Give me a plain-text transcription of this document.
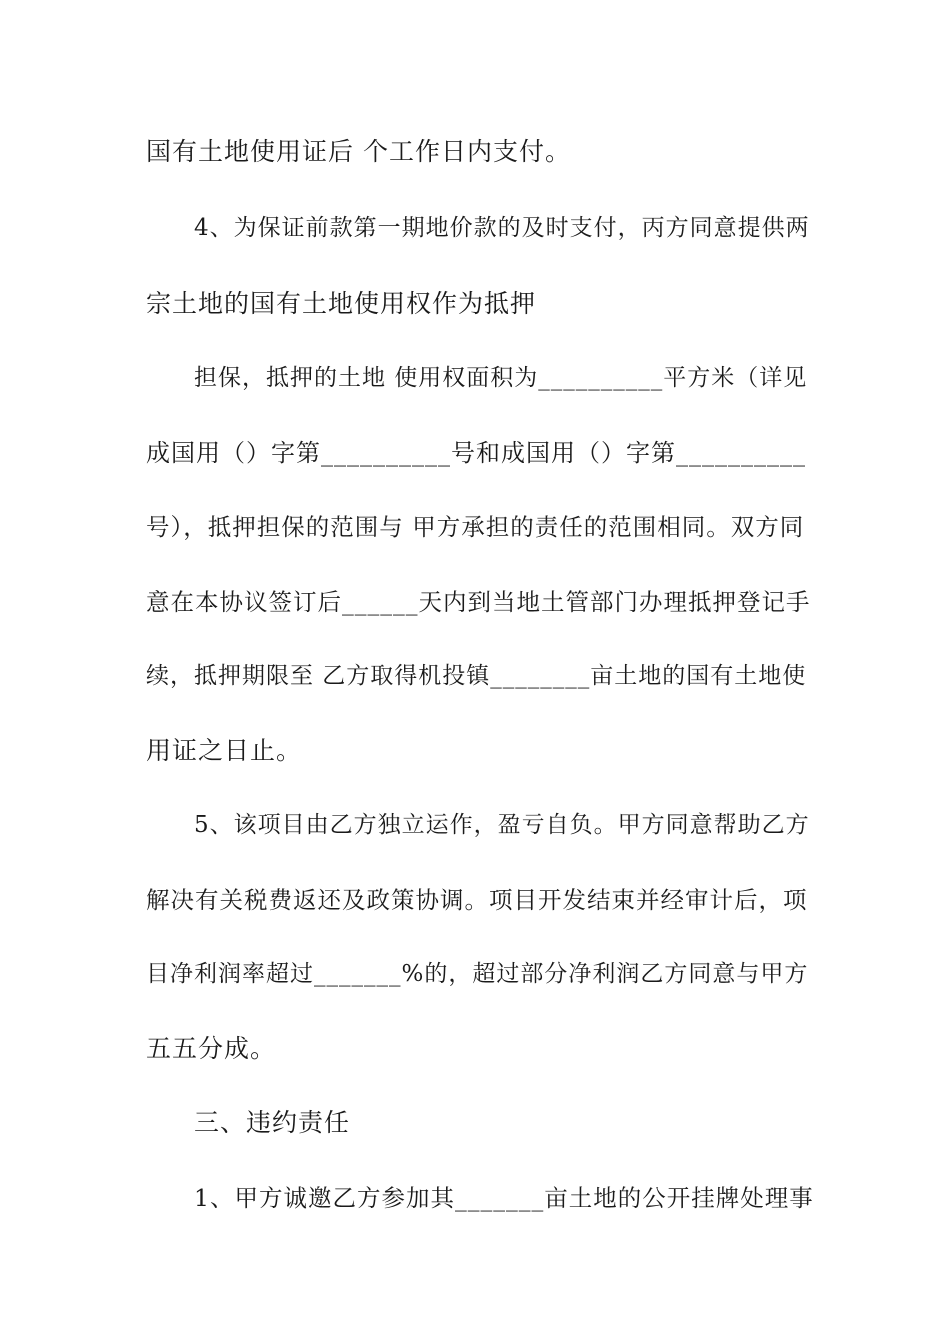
国有土地使用证后 个工作日内支付。
4、为保证前款第一期地价款的及时支付，丙方同意提供两
宗土地的国有土地使用权作为抵押
担保，抵押的土地 使用权面积为__________平方米（详见
成国用（）字第__________号和成国用（）字第__________
号），抵押担保的范围与 甲方承担的责任的范围相同。双方同
意在本协议签订后______天内到当地土管部门办理抵押登记手
续，抵押期限至 乙方取得机投镇________亩土地的国有土地使
用证之日止。
5、该项目由乙方独立运作，盈亏自负。甲方同意帮助乙方
解决有关税费返还及政策协调。项目开发结束并经审计后，项
目净利润率超过_______%的，超过部分净利润乙方同意与甲方
五五分成。
三、违约责任
1、甲方诚邀乙方参加其_______亩土地的公开挂牌处理事
